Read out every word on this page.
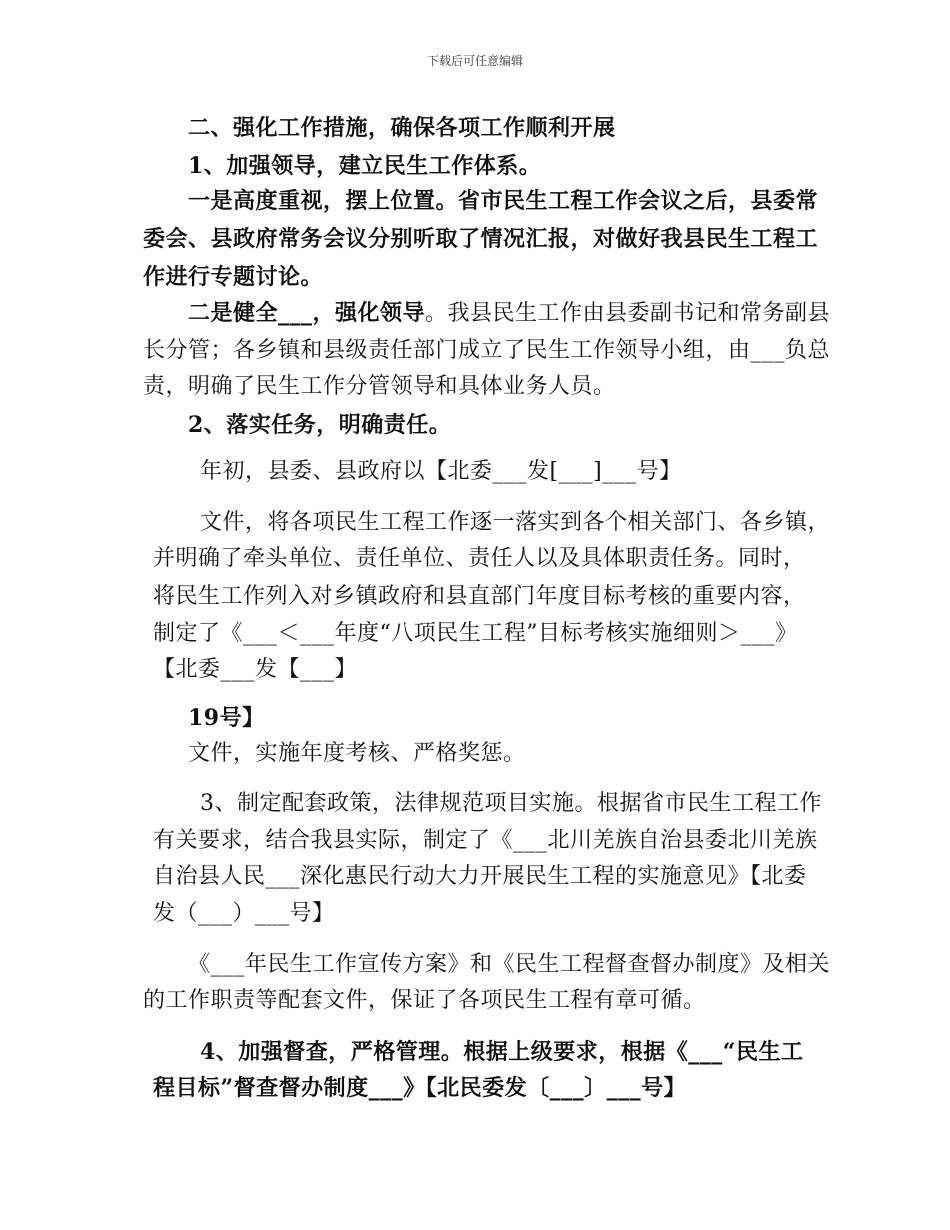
下载后可任意编辑
二、强化工作措施，确保各项工作顺利开展
1、加强领导，建立民生工作体系。
一是高度重视，摆上位置。省市民生工程工作会议之后，县委常
委会、县政府常务会议分别听取了情况汇报，对做好我县民生工程工
作进行专题讨论。
二是健全___，强化领导。我县民生工作由县委副书记和常务副县
长分管；各乡镇和县级责任部门成立了民生工作领导小组，由___负总
责，明确了民生工作分管领导和具体业务人员。
2、落实任务，明确责任。
年初，县委、县政府以【北委___发[___]___号】
文件，将各项民生工程工作逐一落实到各个相关部门、各乡镇，
并明确了牵头单位、责任单位、责任人以及具体职责任务。同时，
将民生工作列入对乡镇政府和县直部门年度目标考核的重要内容，
制定了《___＜___年度“八项民生工程”目标考核实施细则＞___》
【北委___发【___】
19号】
文件，实施年度考核、严格奖惩。
3、制定配套政策，法律规范项目实施。根据省市民生工程工作
有关要求，结合我县实际，制定了《___北川羌族自治县委北川羌族
自治县人民___深化惠民行动大力开展民生工程的实施意见》【北委
发（___）___号】
《___年民生工作宣传方案》和《民生工程督查督办制度》及相关
的工作职责等配套文件，保证了各项民生工程有章可循。
4、加强督查，严格管理。根据上级要求，根据《___“民生工
程目标”督查督办制度___》【北民委发〔___〕___号】
